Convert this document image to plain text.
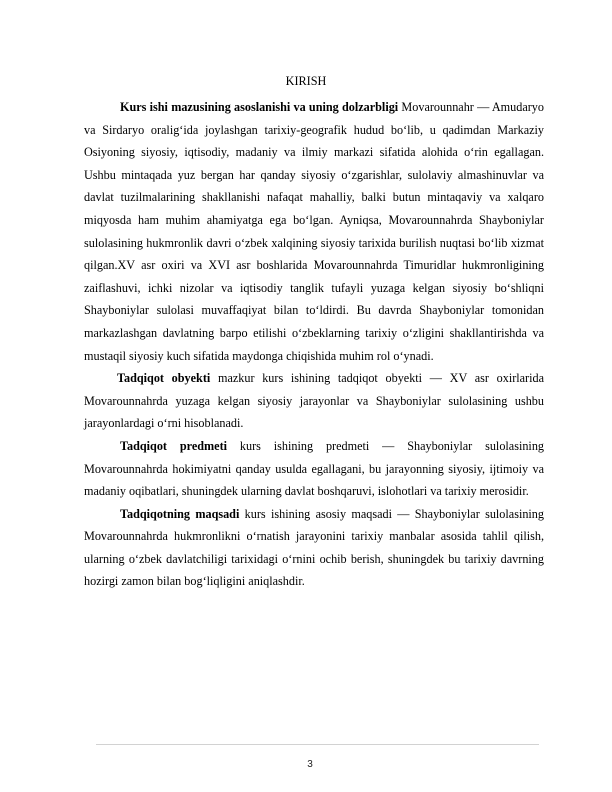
KIRISH

Kurs ishi mazusining asoslanishi va uning dolzarbligi Movarounnahr — Amudaryo va Sirdaryo oralig‘ida joylashgan tarixiy-geografik hudud bo‘lib, u qadimdan Markaziy Osiyoning siyosiy, iqtisodiy, madaniy va ilmiy markazi sifatida alohida o‘rin egallagan. Ushbu mintaqada yuz bergan har qanday siyosiy o‘zgarishlar, sulolaviy almashinuvlar va davlat tuzilmalarining shakllanishi nafaqat mahalliy, balki butun mintaqaviy va xalqaro miqyosda ham muhim ahamiyatga ega bo‘lgan. Ayniqsa, Movarounnahrda Shayboniylar sulolasining hukmronlik davri o‘zbek xalqining siyosiy tarixida burilish nuqtasi bo‘lib xizmat qilgan.XV asr oxiri va XVI asr boshlarida Movarounnahrda Timuridlar hukmronligining zaiflashuvi, ichki nizolar va iqtisodiy tanglik tufayli yuzaga kelgan siyosiy bo‘shliqni Shayboniylar sulolasi muvaffaqiyat bilan to‘ldirdi. Bu davrda Shayboniylar tomonidan markazlashgan davlatning barpo etilishi o‘zbeklarning tarixiy o‘zligini shakllantirishda va mustaqil siyosiy kuch sifatida maydonga chiqishida muhim rol o‘ynadi.

Tadqiqot obyekti mazkur kurs ishining tadqiqot obyekti — XV asr oxirlarida Movarounnahrda yuzaga kelgan siyosiy jarayonlar va Shayboniylar sulolasining ushbu jarayonlardagi o‘rni hisoblanadi.

Tadqiqot predmeti kurs ishining predmeti — Shayboniylar sulolasining Movarounnahrda hokimiyatni qanday usulda egallagani, bu jarayonning siyosiy, ijtimoiy va madaniy oqibatlari, shuningdek ularning davlat boshqaruvi, islohotlari va tarixiy merosidir.

Tadqiqotning maqsadi kurs ishining asosiy maqsadi — Shayboniylar sulolasining Movarounnahrda hukmronlikni o‘rnatish jarayonini tarixiy manbalar asosida tahlil qilish, ularning o‘zbek davlatchiligi tarixidagi o‘rnini ochib berish, shuningdek bu tarixiy davrning hozirgi zamon bilan bog‘liqligini aniqlashdir.

3
